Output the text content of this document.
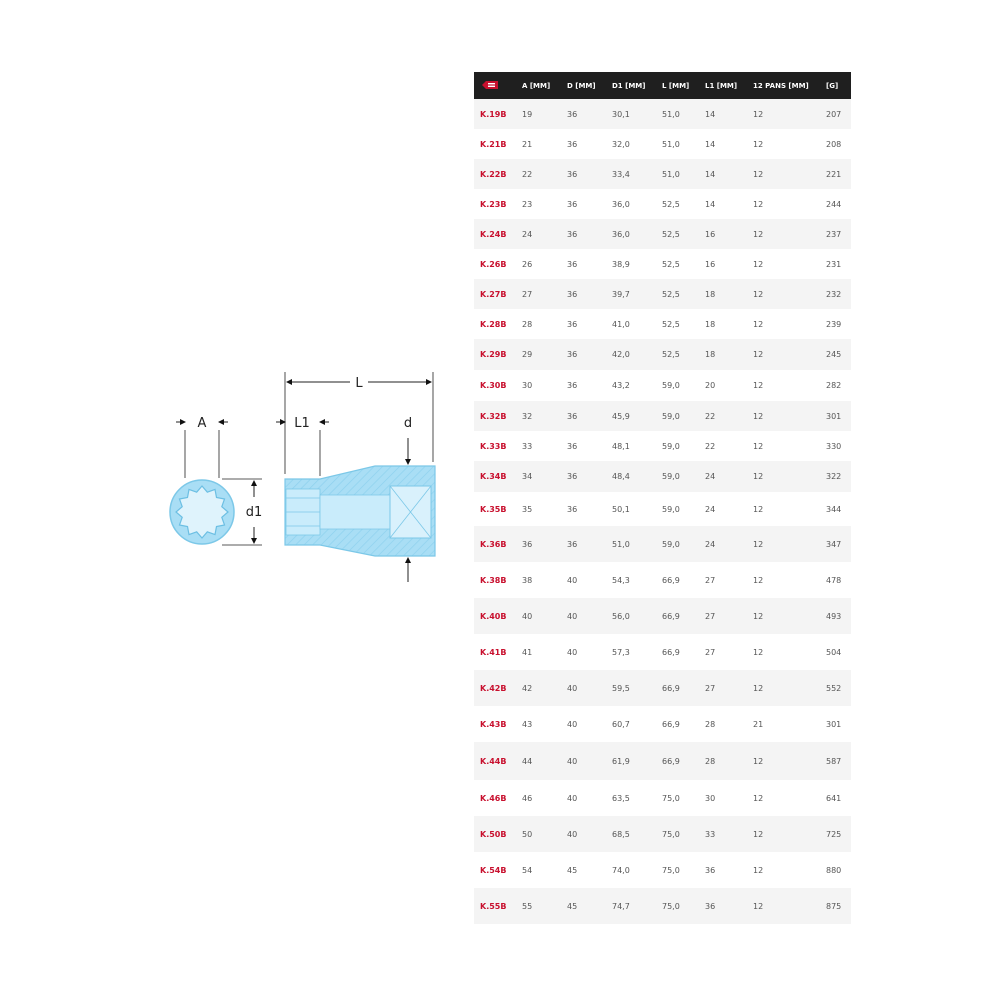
A
d1
L
L1	d
	A [MM]	D [MM]	D1 [MM]	L [MM]	L1 [MM]	12 PANS [MM]	[G]
K.19B	19	36	30,1	51,0	14	12	207
K.21B	21	36	32,0	51,0	14	12	208
K.22B	22	36	33,4	51,0	14	12	221
K.23B	23	36	36,0	52,5	14	12	244
K.24B	24	36	36,0	52,5	16	12	237
K.26B	26	36	38,9	52,5	16	12	231
K.27B	27	36	39,7	52,5	18	12	232
K.28B	28	36	41,0	52,5	18	12	239
K.29B	29	36	42,0	52,5	18	12	245
K.30B	30	36	43,2	59,0	20	12	282
K.32B	32	36	45,9	59,0	22	12	301
K.33B	33	36	48,1	59,0	22	12	330
K.34B	34	36	48,4	59,0	24	12	322
K.35B	35	36	50,1	59,0	24	12	344
K.36B	36	36	51,0	59,0	24	12	347
K.38B	38	40	54,3	66,9	27	12	478
K.40B	40	40	56,0	66,9	27	12	493
K.41B	41	40	57,3	66,9	27	12	504
K.42B	42	40	59,5	66,9	27	12	552
K.43B	43	40	60,7	66,9	28	21	301
K.44B	44	40	61,9	66,9	28	12	587
K.46B	46	40	63,5	75,0	30	12	641
K.50B	50	40	68,5	75,0	33	12	725
K.54B	54	45	74,0	75,0	36	12	880
K.55B	55	45	74,7	75,0	36	12	875
